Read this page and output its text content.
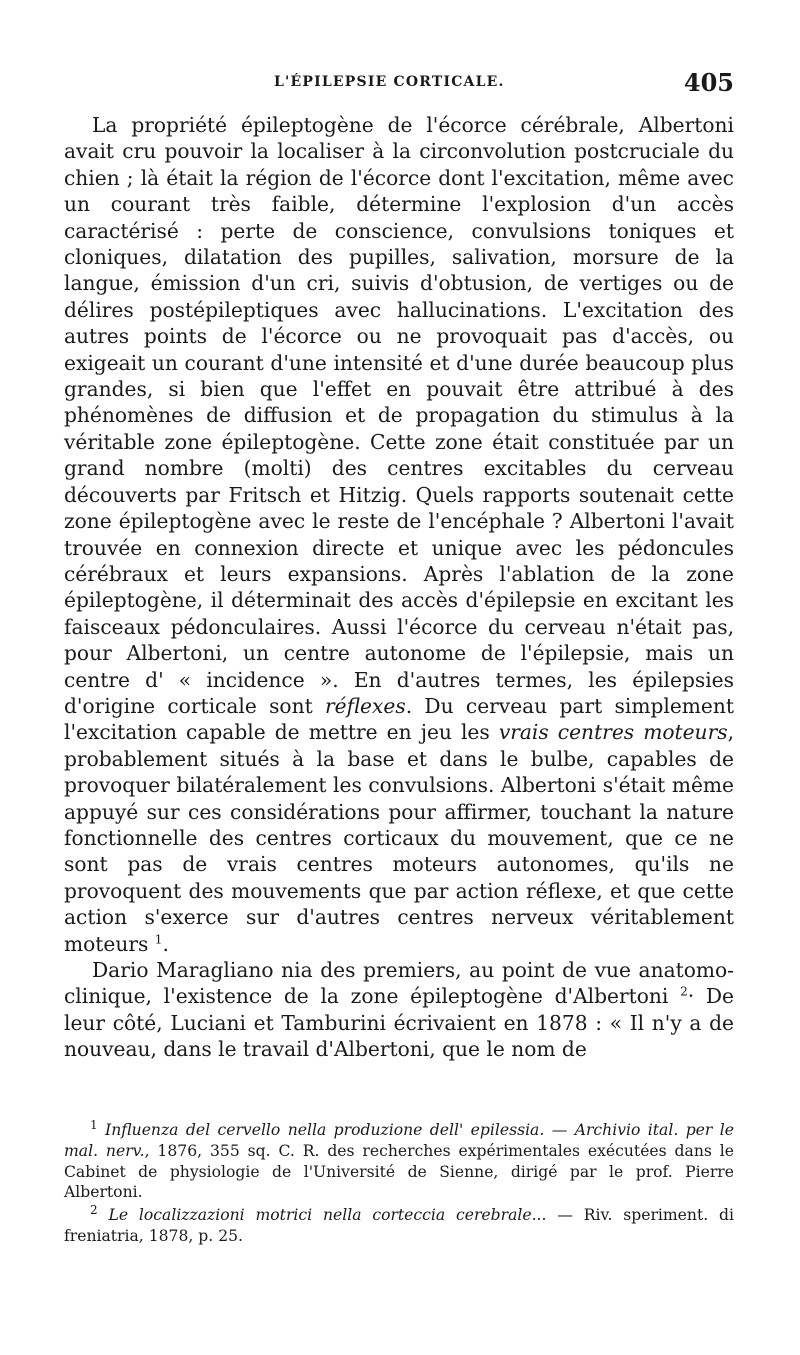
L'ÉPILEPSIE CORTICALE.	405

La propriété épileptogène de l'écorce cérébrale, Albertoni avait cru pouvoir la localiser à la circonvolution postcruciale du chien ; là était la région de l'écorce dont l'excitation, même avec un courant très faible, détermine l'explosion d'un accès caractérisé : perte de conscience, convulsions toniques et cloniques, dilatation des pupilles, salivation, morsure de la langue, émission d'un cri, suivis d'obtusion, de vertiges ou de délires postépileptiques avec hallucinations. L'excitation des autres points de l'écorce ou ne provoquait pas d'accès, ou exigeait un courant d'une intensité et d'une durée beaucoup plus grandes, si bien que l'effet en pouvait être attribué à des phénomènes de diffusion et de propagation du stimulus à la véritable zone épileptogène. Cette zone était constituée par un grand nombre (molti) des centres excitables du cerveau découverts par Fritsch et Hitzig. Quels rapports soutenait cette zone épileptogène avec le reste de l'encéphale ? Albertoni l'avait trouvée en connexion directe et unique avec les pédoncules cérébraux et leurs expansions. Après l'ablation de la zone épileptogène, il déterminait des accès d'épilepsie en excitant les faisceaux pédonculaires. Aussi l'écorce du cerveau n'était pas, pour Albertoni, un centre autonome de l'épilepsie, mais un centre d' « incidence ». En d'autres termes, les épilepsies d'origine corticale sont réflexes. Du cerveau part simplement l'excitation capable de mettre en jeu les vrais centres moteurs, probablement situés à la base et dans le bulbe, capables de provoquer bilatéralement les convulsions. Albertoni s'était même appuyé sur ces considérations pour affirmer, touchant la nature fonctionnelle des centres corticaux du mouvement, que ce ne sont pas de vrais centres moteurs autonomes, qu'ils ne provoquent des mouvements que par action réflexe, et que cette action s'exerce sur d'autres centres nerveux véritablement moteurs $^1$.

Dario Maragliano nia des premiers, au point de vue anatomo-clinique, l'existence de la zone épileptogène d'Albertoni $^2$· De leur côté, Luciani et Tamburini écrivaient en 1878 : « Il n'y a de nouveau, dans le travail d'Albertoni, que le nom de

$^1$ Influenza del cervello nella produzione dell' epilessia. — Archivio ital. per le mal. nerv., 1876, 355 sq. C. R. des recherches expérimentales exécutées dans le Cabinet de physiologie de l'Université de Sienne, dirigé par le prof. Pierre Albertoni.

$^2$ Le localizzazioni motrici nella corteccia cerebrale... — Riv. speriment. di freniatria, 1878, p. 25.
